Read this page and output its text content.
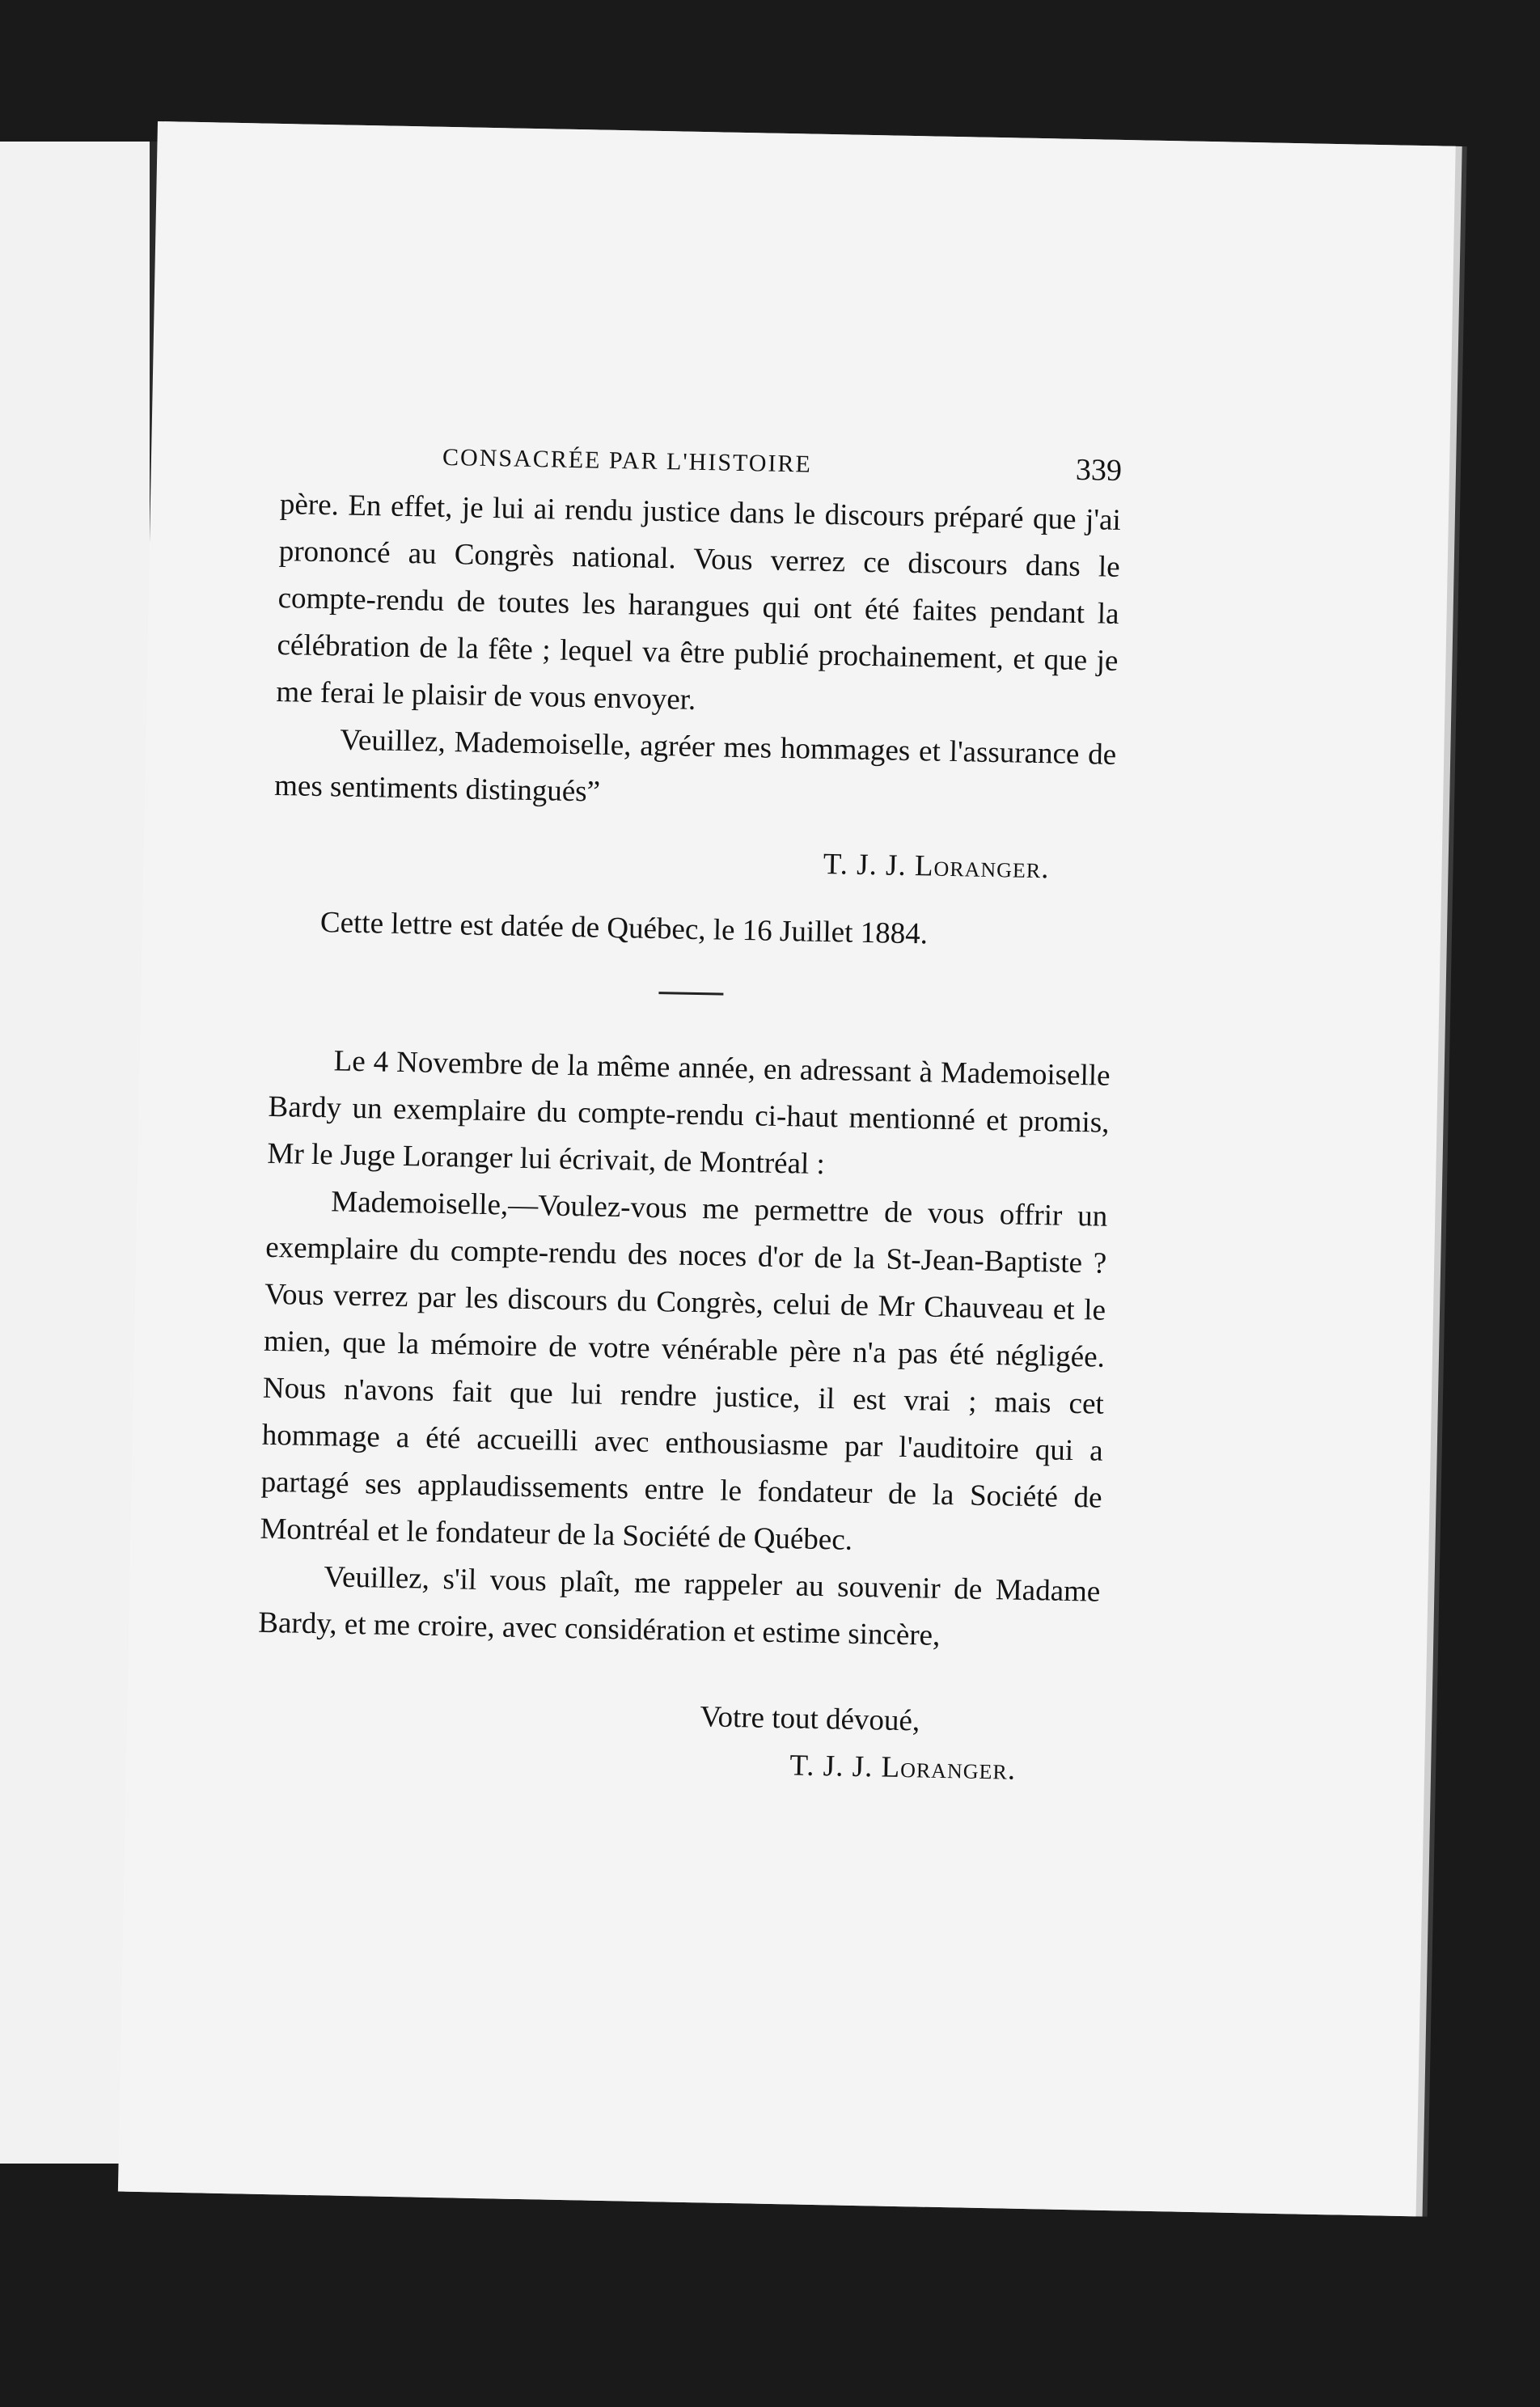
CONSACRÉE PAR L'HISTOIRE	339

père. En effet, je lui ai rendu justice dans le discours préparé que j'ai prononcé au Congrès national. Vous verrez ce discours dans le compte-rendu de toutes les harangues qui ont été faites pendant la célébration de la fête ; lequel va être publié prochainement, et que je me ferai le plaisir de vous envoyer.

Veuillez, Mademoiselle, agréer mes hommages et l'assurance de mes sentiments distingués”

T. J. J. Loranger.

Cette lettre est datée de Québec, le 16 Juillet 1884.

Le 4 Novembre de la même année, en adressant à Mademoiselle Bardy un exemplaire du compte-rendu ci-haut mentionné et promis, Mr le Juge Loranger lui écrivait, de Montréal :

Mademoiselle,—Voulez-vous me permettre de vous offrir un exemplaire du compte-rendu des noces d'or de la St-Jean-Baptiste ? Vous verrez par les discours du Congrès, celui de Mr Chauveau et le mien, que la mémoire de votre vénérable père n'a pas été négligée. Nous n'avons fait que lui rendre justice, il est vrai ; mais cet hommage a été accueilli avec enthousiasme par l'auditoire qui a partagé ses applaudissements entre le fondateur de la Société de Montréal et le fondateur de la Société de Québec.

Veuillez, s'il vous plaît, me rappeler au souvenir de Madame Bardy, et me croire, avec considération et estime sincère,

Votre tout dévoué,
T. J. J. Loranger.
